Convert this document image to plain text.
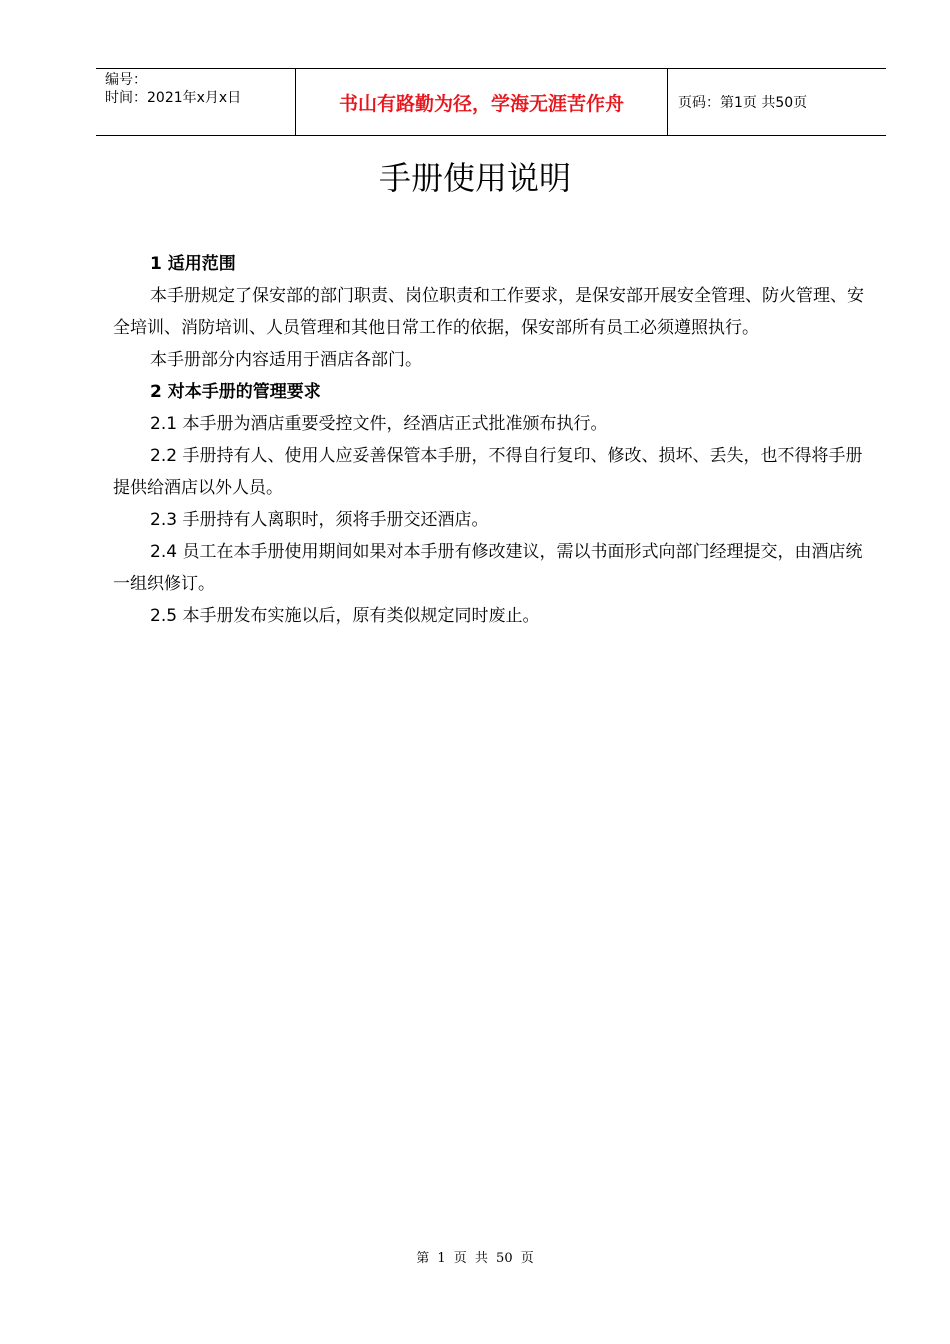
编号：
时间：2021年x月x日	书山有路勤为径，学海无涯苦作舟	页码：第1页 共50页
手册使用说明
1 适用范围

本手册规定了保安部的部门职责、岗位职责和工作要求，是保安部开展安全管理、防火管理、安全培训、消防培训、人员管理和其他日常工作的依据，保安部所有员工必须遵照执行。

本手册部分内容适用于酒店各部门。

2 对本手册的管理要求

2.1 本手册为酒店重要受控文件，经酒店正式批准颁布执行。

2.2 手册持有人、使用人应妥善保管本手册，不得自行复印、修改、损坏、丢失，也不得将手册提供给酒店以外人员。

2.3 手册持有人离职时，须将手册交还酒店。

2.4 员工在本手册使用期间如果对本手册有修改建议，需以书面形式向部门经理提交，由酒店统一组织修订。

2.5 本手册发布实施以后，原有类似规定同时废止。

第 1 页 共 50 页
